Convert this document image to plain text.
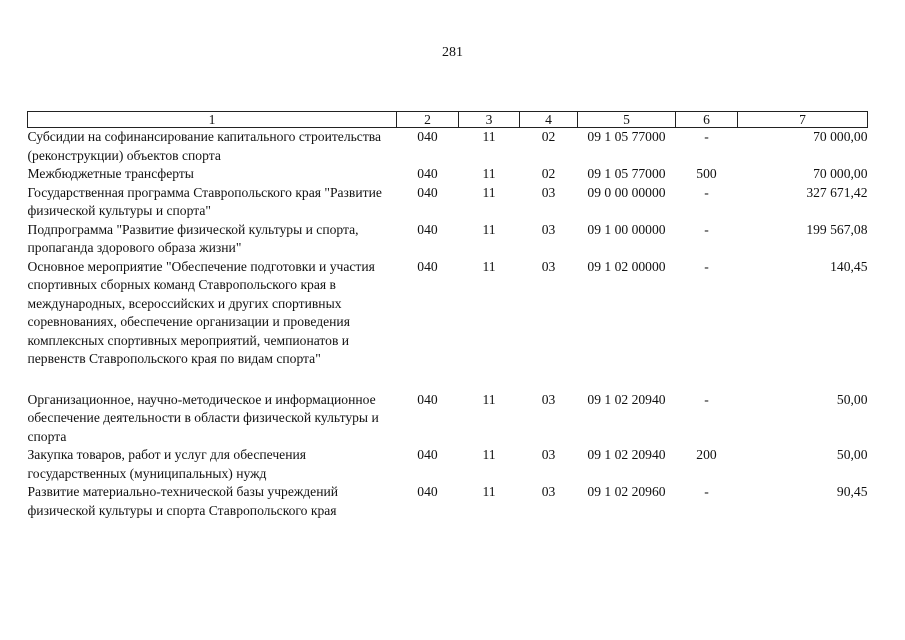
281
1	2	3	4	5	6	7
Субсидии на софинансирование капитального строительства (реконструкции) объектов спорта	040	11	02	09 1 05 77000	-	70 000,00
Межбюджетные трансферты	040	11	02	09 1 05 77000	500	70 000,00
Государственная программа Ставропольского края "Развитие физической культуры и спорта"	040	11	03	09 0 00 00000	-	327 671,42
Подпрограмма "Развитие физической культуры и спорта, пропаганда здорового образа жизни"	040	11	03	09 1 00 00000	-	199 567,08
Основное мероприятие "Обеспечение подготовки и участия спортивных сборных команд Ставропольского края в международных, всероссийских и других спортивных соревнованиях, обеспечение организации и проведения комплексных спортивных мероприятий, чемпионатов и первенств Ставропольского края по видам спорта"	040	11	03	09 1 02 00000	-	140,45

Организационное, научно-методическое и информационное обеспечение деятельности в области физической культуры и спорта	040	11	03	09 1 02 20940	-	50,00
Закупка товаров, работ и услуг для обеспечения государственных (муниципальных) нужд	040	11	03	09 1 02 20940	200	50,00
Развитие материально-технической базы учреждений физической культуры и спорта Ставропольского края	040	11	03	09 1 02 20960	-	90,45
